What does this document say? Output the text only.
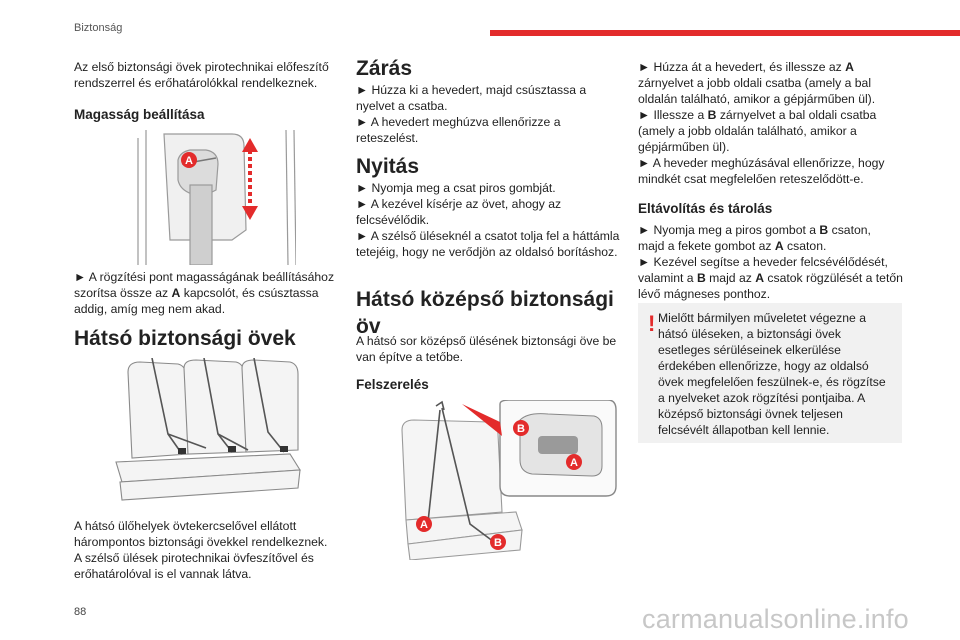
Biztonság
Az első biztonsági övek pirotechnikai előfeszítő rendszerrel és erőhatárolókkal rendelkeznek.
Magasság beállítása
A
► A rögzítési pont magasságának beállításához szorítsa össze az A kapcsolót, és csúsztassa addig, amíg meg nem akad.
Hátsó biztonsági övek
A hátsó ülőhelyek övtekercselővel ellátott hárompontos biztonsági övekkel rendelkeznek. A szélső ülések pirotechnikai övfeszítővel és erőhatárolóval is el vannak látva.
Zárás
► Húzza ki a hevedert, majd csúsztassa a nyelvet a csatba.
► A hevedert meghúzva ellenőrizze a reteszelést.
Nyitás
► Nyomja meg a csat piros gombját.
► A kezével kísérje az övet, ahogy az felcsévélődik.
► A szélső üléseknél a csatot tolja fel a háttámla tetejéig, hogy ne verődjön az oldalsó borításhoz.
Hátsó középső biztonsági öv
A hátsó sor középső ülésének biztonsági öve be van építve a tetőbe.
Felszerelés
B
A
A
B
► Húzza át a hevedert, és illessze az A zárnyelvet a jobb oldali csatba (amely a bal oldalán található, amikor a gépjárműben ül).
► Illessze a B zárnyelvet a bal oldali csatba (amely a jobb oldalán található, amikor a gépjárműben ül).
► A heveder meghúzásával ellenőrizze, hogy mindkét csat megfelelően reteszelődött-e.
Eltávolítás és tárolás
► Nyomja meg a piros gombot a B csaton, majd a fekete gombot az A csaton.
► Kezével segítse a heveder felcsévélődését, valamint a B majd az A csatok rögzülését a tetőn lévő mágneses ponthoz.
! Mielőtt bármilyen műveletet végezne a hátsó üléseken, a biztonsági övek esetleges sérüléseinek elkerülése érdekében ellenőrizze, hogy az oldalsó övek megfelelően feszülnek-e, és rögzítse a nyelveket azok rögzítési pontjaiba. A középső biztonsági övnek teljesen felcsévélt állapotban kell lennie.
88	carmanualsonline.info
